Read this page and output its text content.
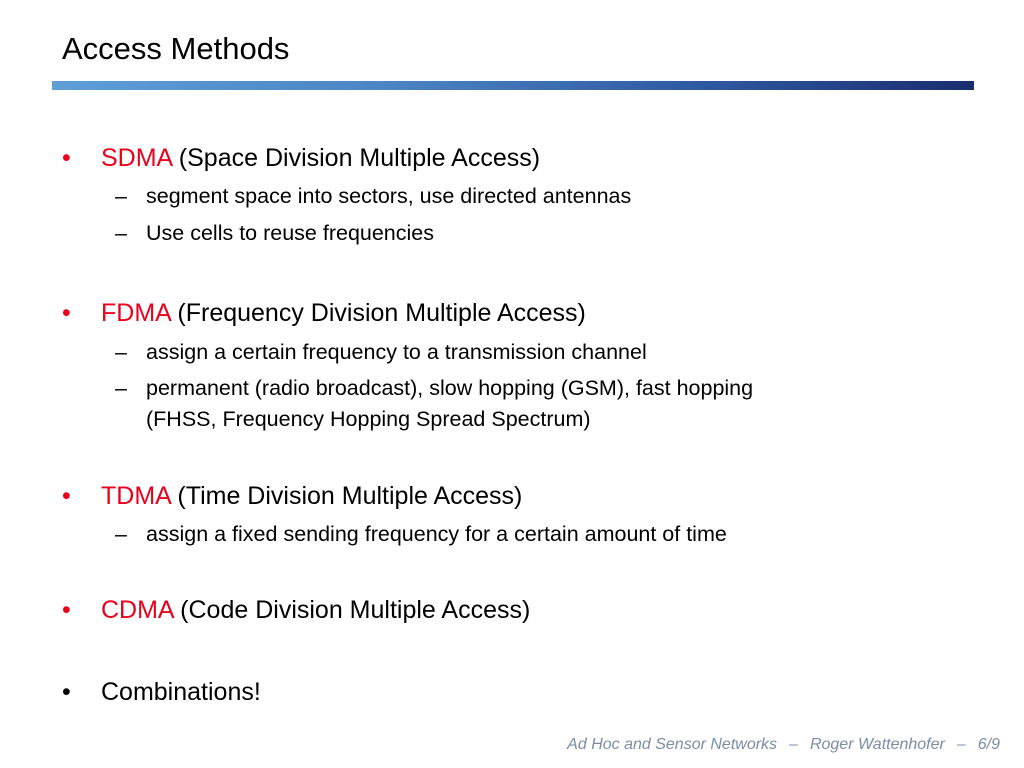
Access Methods
•	SDMA (Space Division Multiple Access)
– segment space into sectors, use directed antennas
– Use cells to reuse frequencies
•	FDMA (Frequency Division Multiple Access)
– assign a certain frequency to a transmission channel
– permanent (radio broadcast), slow hopping (GSM), fast hopping
(FHSS, Frequency Hopping Spread Spectrum)
•	TDMA (Time Division Multiple Access)
– assign a fixed sending frequency for a certain amount of time
•	CDMA (Code Division Multiple Access)
•	Combinations!
Ad Hoc and Sensor Networks – Roger Wattenhofer – 6/9
